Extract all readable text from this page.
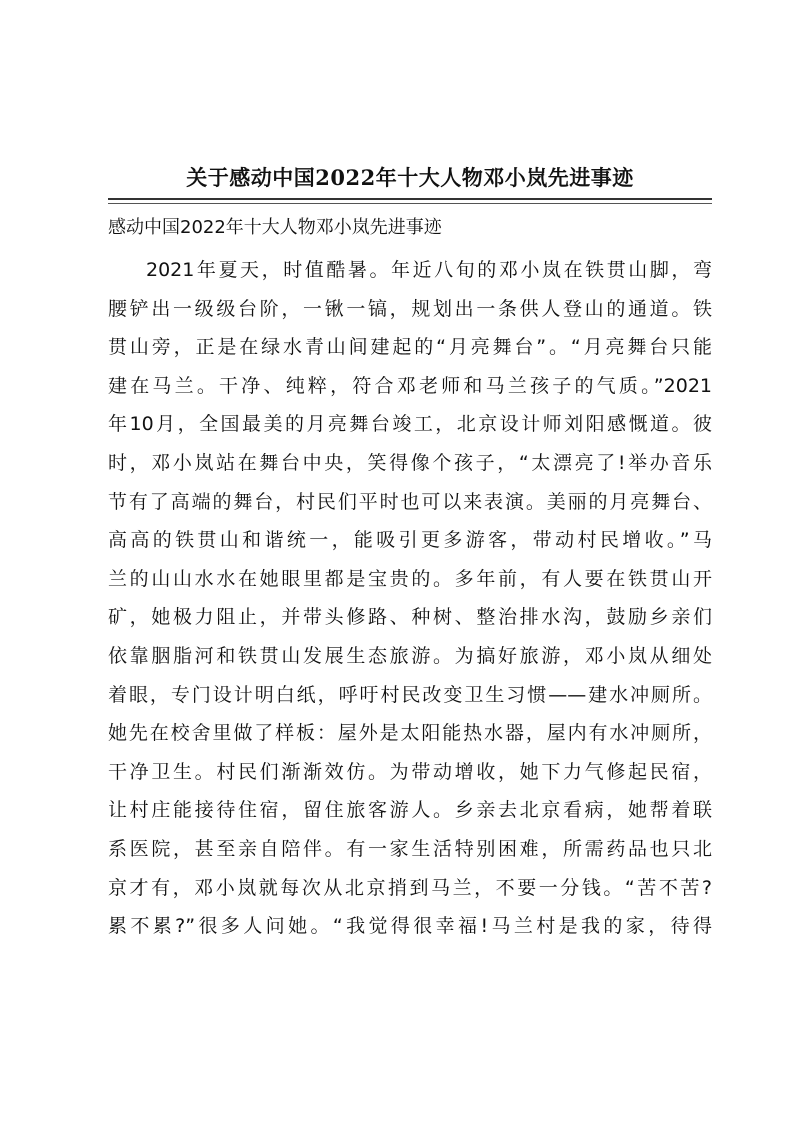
关于感动中国2022年十大人物邓小岚先进事迹

感动中国2022年十大人物邓小岚先进事迹

2021年夏天，时值酷暑。年近八旬的邓小岚在铁贯山脚，弯
腰铲出一级级台阶，一锹一镐，规划出一条供人登山的通道。铁
贯山旁，正是在绿水青山间建起的“月亮舞台”。“月亮舞台只能
建在马兰。干净、纯粹，符合邓老师和马兰孩子的气质。”2021
年10月，全国最美的月亮舞台竣工，北京设计师刘阳感慨道。彼
时，邓小岚站在舞台中央，笑得像个孩子，“太漂亮了!举办音乐
节有了高端的舞台，村民们平时也可以来表演。美丽的月亮舞台、
高高的铁贯山和谐统一，能吸引更多游客，带动村民增收。”马
兰的山山水水在她眼里都是宝贵的。多年前，有人要在铁贯山开
矿，她极力阻止，并带头修路、种树、整治排水沟，鼓励乡亲们
依靠胭脂河和铁贯山发展生态旅游。为搞好旅游，邓小岚从细处
着眼，专门设计明白纸，呼吁村民改变卫生习惯——建水冲厕所。
她先在校舍里做了样板：屋外是太阳能热水器，屋内有水冲厕所，
干净卫生。村民们渐渐效仿。为带动增收，她下力气修起民宿，
让村庄能接待住宿，留住旅客游人。乡亲去北京看病，她帮着联
系医院，甚至亲自陪伴。有一家生活特别困难，所需药品也只北
京才有，邓小岚就每次从北京捎到马兰，不要一分钱。“苦不苦?
累不累?”很多人问她。“我觉得很幸福!马兰村是我的家，待得
